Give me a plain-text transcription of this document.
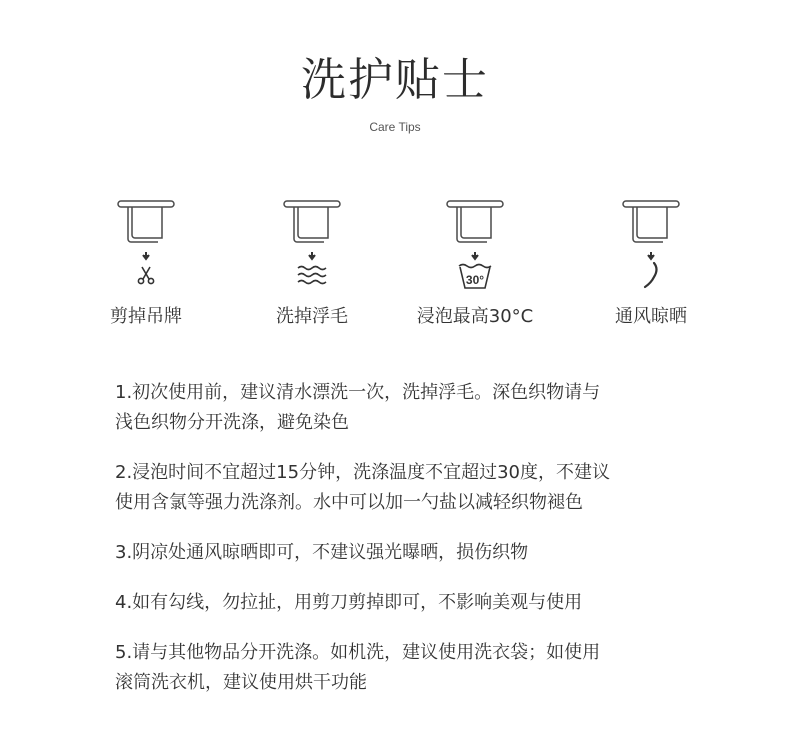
洗护贴士
Care Tips
剪掉吊牌	洗掉浮毛
30°
浸泡最高30°C	通风晾晒
1.初次使用前，建议清水漂洗一次，洗掉浮毛。深色织物请与
浅色织物分开洗涤，避免染色
2.浸泡时间不宜超过15分钟，洗涤温度不宜超过30度，不建议
使用含氯等强力洗涤剂。水中可以加一勺盐以减轻织物褪色
3.阴凉处通风晾晒即可，不建议强光曝晒，损伤织物
4.如有勾线，勿拉扯，用剪刀剪掉即可，不影响美观与使用
5.请与其他物品分开洗涤。如机洗，建议使用洗衣袋；如使用
滚筒洗衣机，建议使用烘干功能
